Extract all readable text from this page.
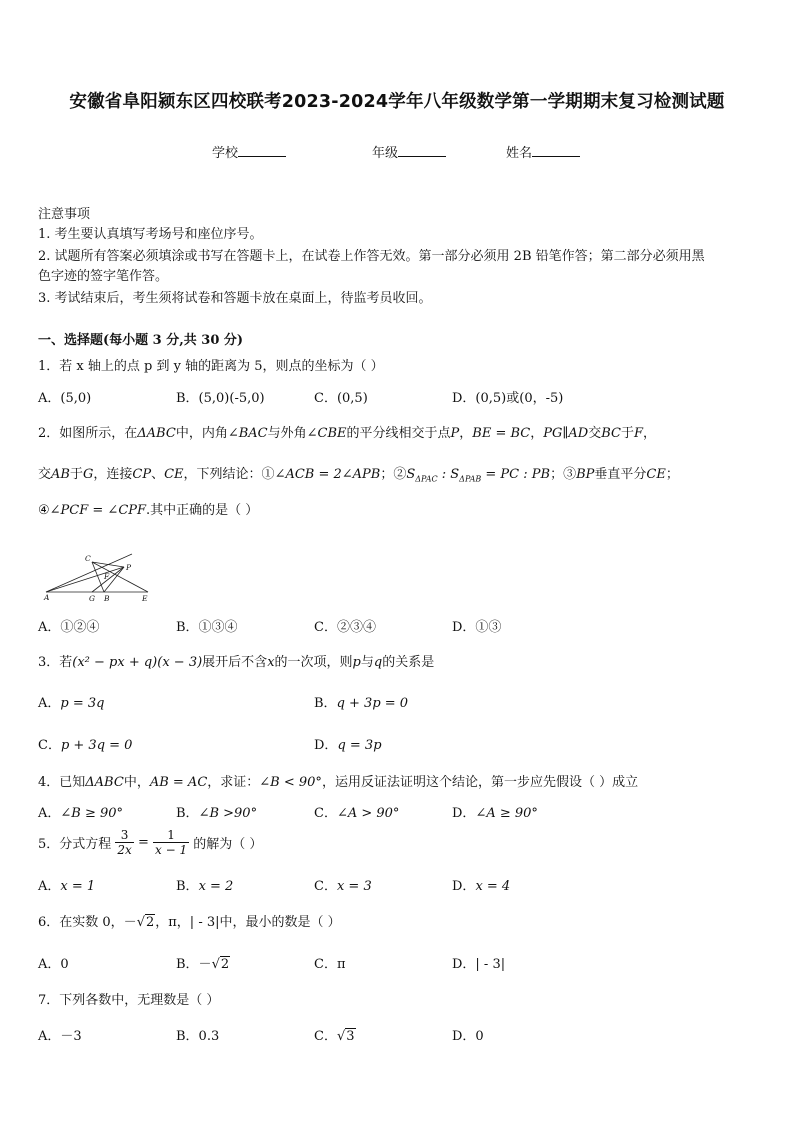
安徽省阜阳颍东区四校联考2023-2024学年八年级数学第一学期期末复习检测试题
学校	年级	姓名
注意事项
1. 考生要认真填写考场号和座位序号。
2. 试题所有答案必须填涂或书写在答题卡上，在试卷上作答无效。第一部分必须用 2B 铅笔作答；第二部分必须用黑
色字迹的签字笔作答。
3. 考试结束后，考生须将试卷和答题卡放在桌面上，待监考员收回。
一、选择题(每小题 3 分,共 30 分)
1．若 x 轴上的点 p 到 y 轴的距离为 5，则点的坐标为（ ）
A．(5,0)	B．(5,0)(-5,0)	C．(0,5)	D．(0,5)或(0，-5)
2．如图所示，在ΔABC中，内角∠BAC与外角∠CBE的平分线相交于点P，BE = BC，PG∥AD交BC于F，
交AB于G，连接CP、CE，下列结论：①∠ACB = 2∠APB；$②S_{\Delta PAC}$ : $S_{\Delta PAB}$ = PC : PB；③BP垂直平分CE；
④∠PCF = ∠CPF.其中正确的是（ ）
C
F
P
A	G B	E
A．①②④	B．①③④	C．②③④	D．①③
3．若(x² − px + q)(x − 3)展开后不含x的一次项，则p与q的关系是
A．p = 3q	B．q + 3p = 0
C．p + 3q = 0	D．q = 3p
4．已知ΔABC中，AB = AC，求证：∠B < 90°，运用反证法证明这个结论，第一步应先假设（ ）成立
A．∠B ≥ 90°	B．∠B >90°	C．∠A > 90°	D．∠A ≥ 90°
5．分式方程 $\frac{3}{2x} = \frac{1}{x - 1}$ 的解为（ ）
A．x = 1	B．x = 2	C．x = 3	D．x = 4
6．在实数 0，－√2，π，| - 3|中，最小的数是（ ）
A．0	B．－√2	C．π	D．| - 3|
7．下列各数中，无理数是（ ）
A．－3	B．0.3	C．√3	D．0
